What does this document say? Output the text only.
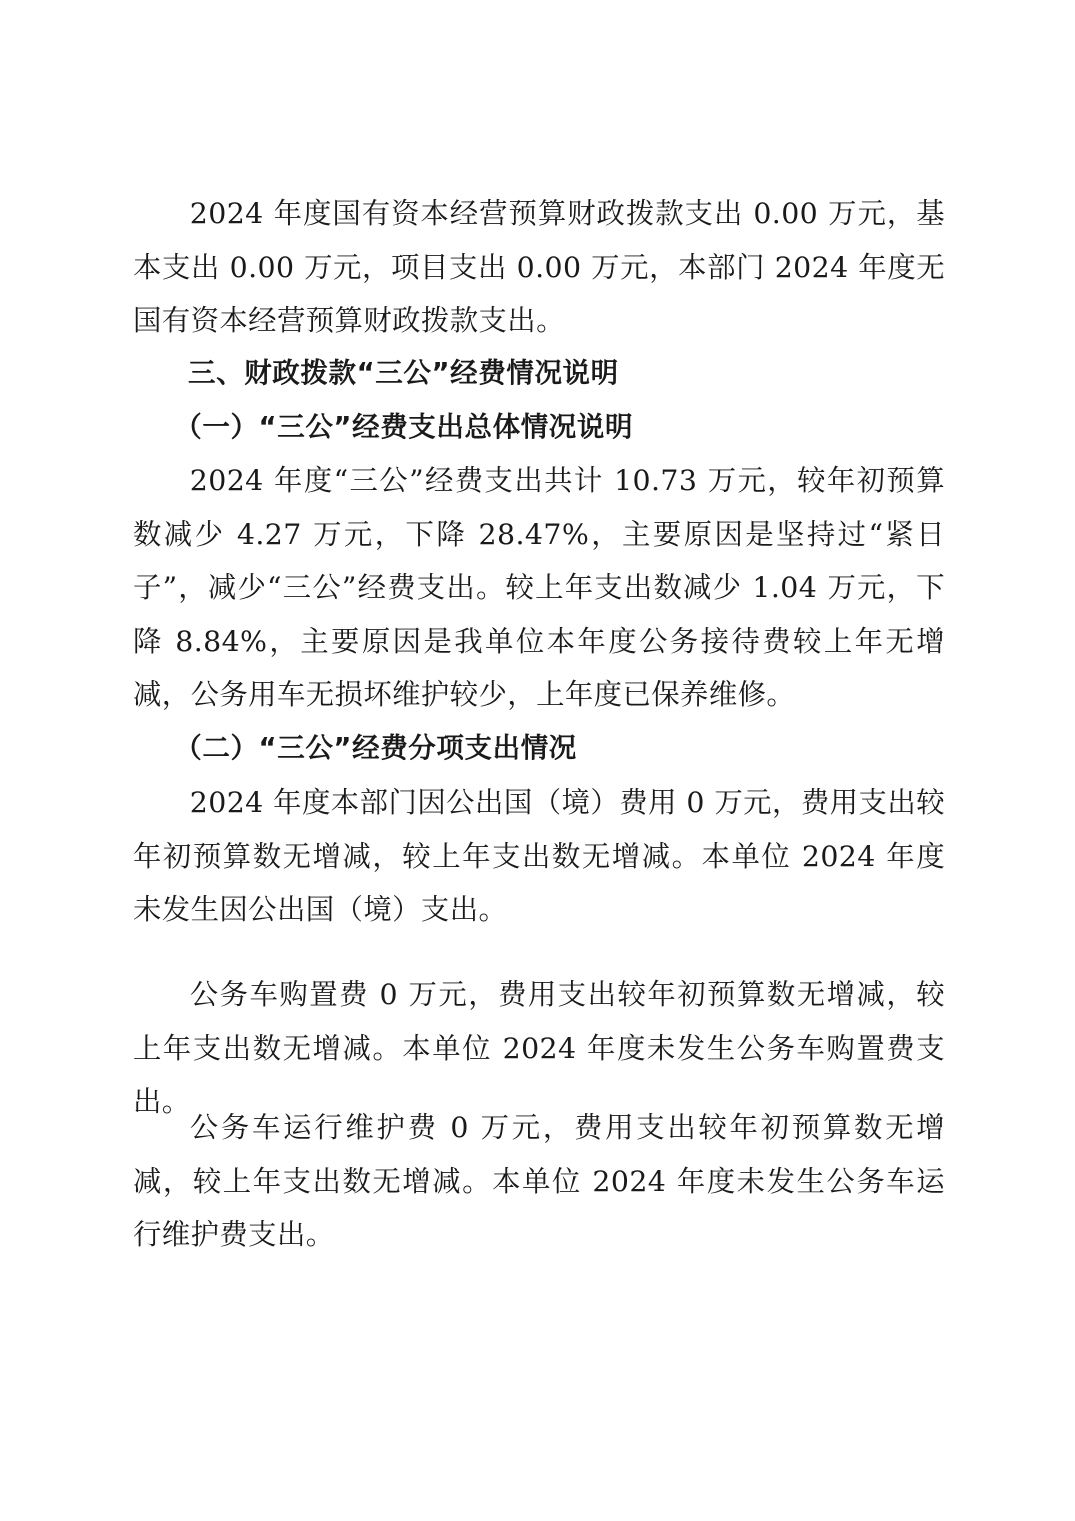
2024 年度国有资本经营预算财政拨款支出 0.00 万元，基本支出 0.00 万元，项目支出 0.00 万元，本部门 2024 年度无国有资本经营预算财政拨款支出。

三、财政拨款“三公”经费情况说明
（一）“三公”经费支出总体情况说明

2024 年度“三公”经费支出共计 10.73 万元，较年初预算数减少 4.27 万元，下降 28.47%，主要原因是坚持过“紧日子”，减少“三公”经费支出。较上年支出数减少 1.04 万元，下降 8.84%，主要原因是我单位本年度公务接待费较上年无增减，公务用车无损坏维护较少，上年度已保养维修。

（二）“三公”经费分项支出情况

2024 年度本部门因公出国（境）费用 0 万元，费用支出较年初预算数无增减，较上年支出数无增减。本单位 2024 年度未发生因公出国（境）支出。

公务车购置费 0 万元，费用支出较年初预算数无增减，较上年支出数无增减。本单位 2024 年度未发生公务车购置费支出。

公务车运行维护费 0 万元，费用支出较年初预算数无增减，较上年支出数无增减。本单位 2024 年度未发生公务车运行维护费支出。
